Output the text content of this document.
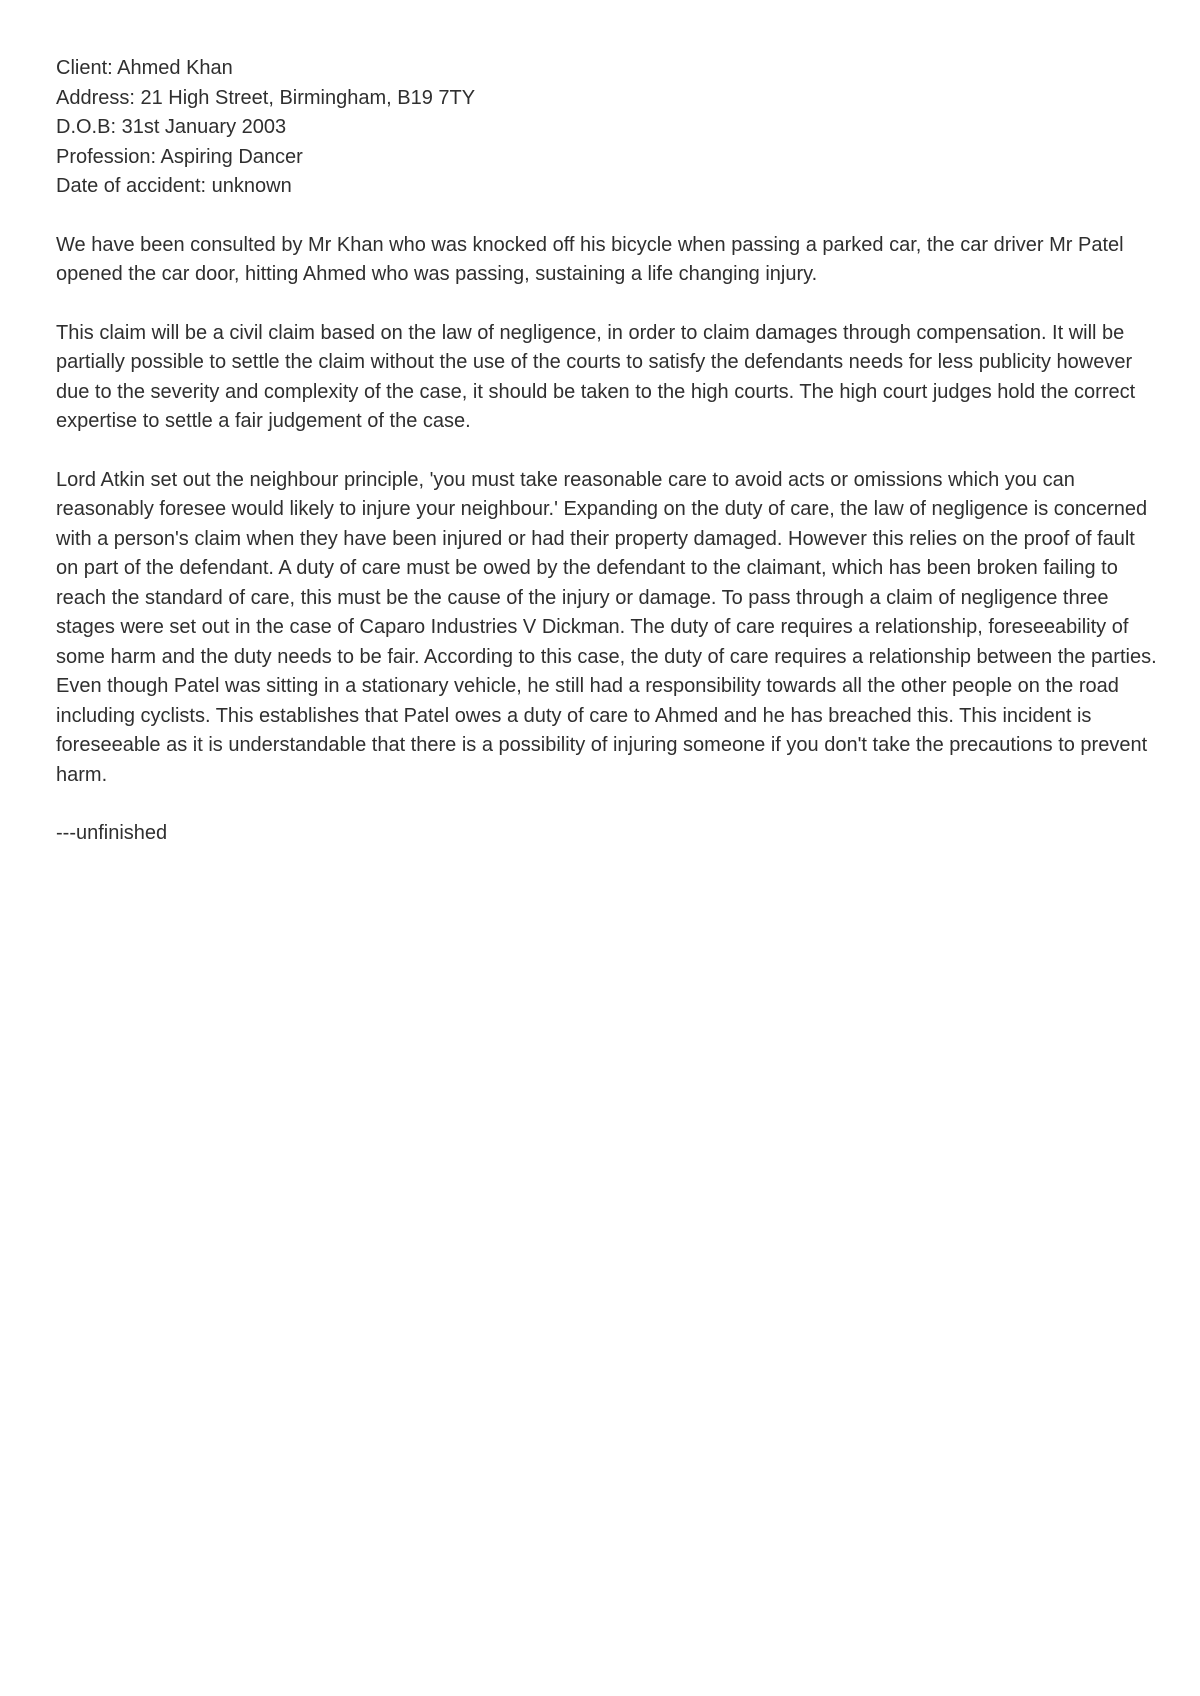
Client: Ahmed Khan
Address: 21 High Street, Birmingham, B19 7TY
D.O.B: 31st January 2003
Profession: Aspiring Dancer
Date of accident: unknown

We have been consulted by Mr Khan who was knocked off his bicycle when passing a parked car, the car driver Mr Patel opened the car door, hitting Ahmed who was passing, sustaining a life changing injury.

This claim will be a civil claim based on the law of negligence, in order to claim damages through compensation. It will be partially possible to settle the claim without the use of the courts to satisfy the defendants needs for less publicity however due to the severity and complexity of the case, it should be taken to the high courts. The high court judges hold the correct expertise to settle a fair judgement of the case.

Lord Atkin set out the neighbour principle, 'you must take reasonable care to avoid acts or omissions which you can reasonably foresee would likely to injure your neighbour.' Expanding on the duty of care, the law of negligence is concerned with a person's claim when they have been injured or had their property damaged. However this relies on the proof of fault on part of the defendant. A duty of care must be owed by the defendant to the claimant, which has been broken failing to reach the standard of care, this must be the cause of the injury or damage. To pass through a claim of negligence three stages were set out in the case of Caparo Industries V Dickman. The duty of care requires a relationship, foreseeability of some harm and the duty needs to be fair. According to this case, the duty of care requires a relationship between the parties. Even though Patel was sitting in a stationary vehicle, he still had a responsibility towards all the other people on the road including cyclists. This establishes that Patel owes a duty of care to Ahmed and he has breached this. This incident is foreseeable as it is understandable that there is a possibility of injuring someone if you don't take the precautions to prevent harm.

---unfinished
